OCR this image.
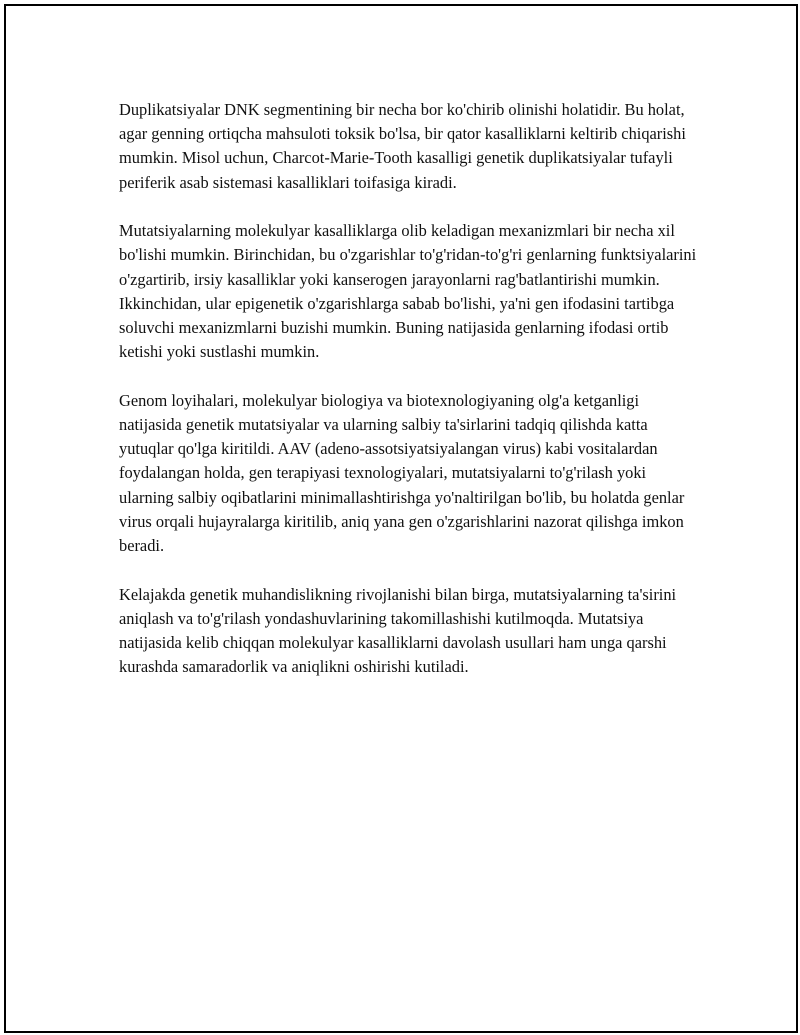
Duplikatsiyalar DNK segmentining bir necha bor ko'chirib olinishi holatidir. Bu holat, agar genning ortiqcha mahsuloti toksik bo'lsa, bir qator kasalliklarni keltirib chiqarishi mumkin. Misol uchun, Charcot-Marie-Tooth kasalligi genetik duplikatsiyalar tufayli periferik asab sistemasi kasalliklari toifasiga kiradi.

Mutatsiyalarning molekulyar kasalliklarga olib keladigan mexanizmlari bir necha xil bo'lishi mumkin. Birinchidan, bu o'zgarishlar to'g'ridan-to'g'ri genlarning funktsiyalarini o'zgartirib, irsiy kasalliklar yoki kanserogen jarayonlarni rag'batlantirishi mumkin. Ikkinchidan, ular epigenetik o'zgarishlarga sabab bo'lishi, ya'ni gen ifodasini tartibga soluvchi mexanizmlarni buzishi mumkin. Buning natijasida genlarning ifodasi ortib ketishi yoki sustlashi mumkin.

Genom loyihalari, molekulyar biologiya va biotexnologiyaning olg'a ketganligi natijasida genetik mutatsiyalar va ularning salbiy ta'sirlarini tadqiq qilishda katta yutuqlar qo'lga kiritildi. AAV (adeno-assotsiyatsiyalangan virus) kabi vositalardan foydalangan holda, gen terapiyasi texnologiyalari, mutatsiyalarni to'g'rilash yoki ularning salbiy oqibatlarini minimallashtirishga yo'naltirilgan bo'lib, bu holatda genlar virus orqali hujayralarga kiritilib, aniq yana gen o'zgarishlarini nazorat qilishga imkon beradi.

Kelajakda genetik muhandislikning rivojlanishi bilan birga, mutatsiyalarning ta'sirini aniqlash va to'g'rilash yondashuvlarining takomillashishi kutilmoqda. Mutatsiya natijasida kelib chiqqan molekulyar kasalliklarni davolash usullari ham unga qarshi kurashda samaradorlik va aniqlikni oshirishi kutiladi.
